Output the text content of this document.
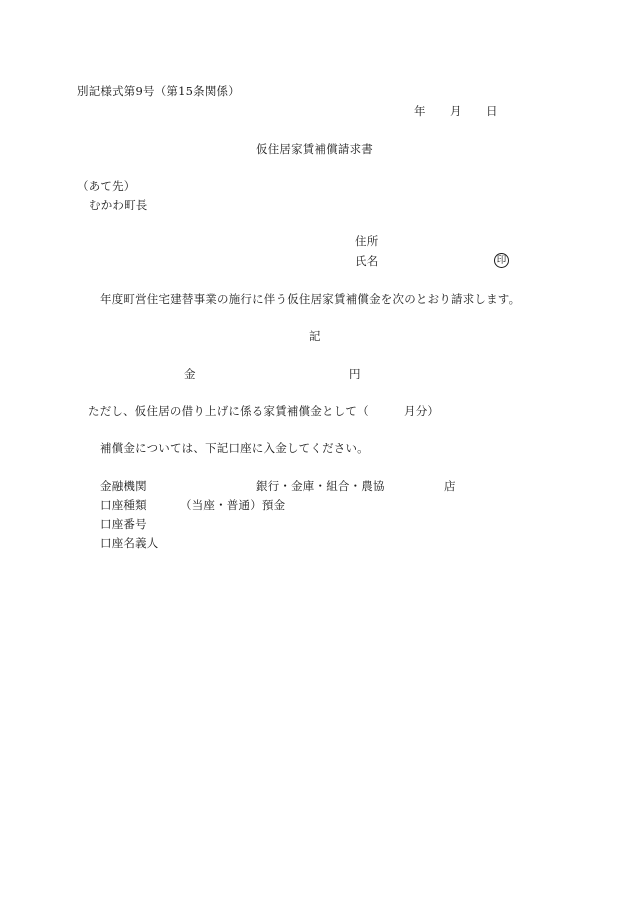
別記様式第9号（第15条関係）
年 月 日
仮住居家賃補償請求書
（あて先）
むかわ町長
住所
氏名	印
年度町営住宅建替事業の施行に伴う仮住居家賃補償金を次のとおり請求します。
記
金	円
ただし、仮住居の借り上げに係る家賃補償金として（	月分）
補償金については、下記口座に入金してください。
金融機関	銀行・金庫・組合・農協	店
口座種類	（当座・普通）預金
口座番号
口座名義人
